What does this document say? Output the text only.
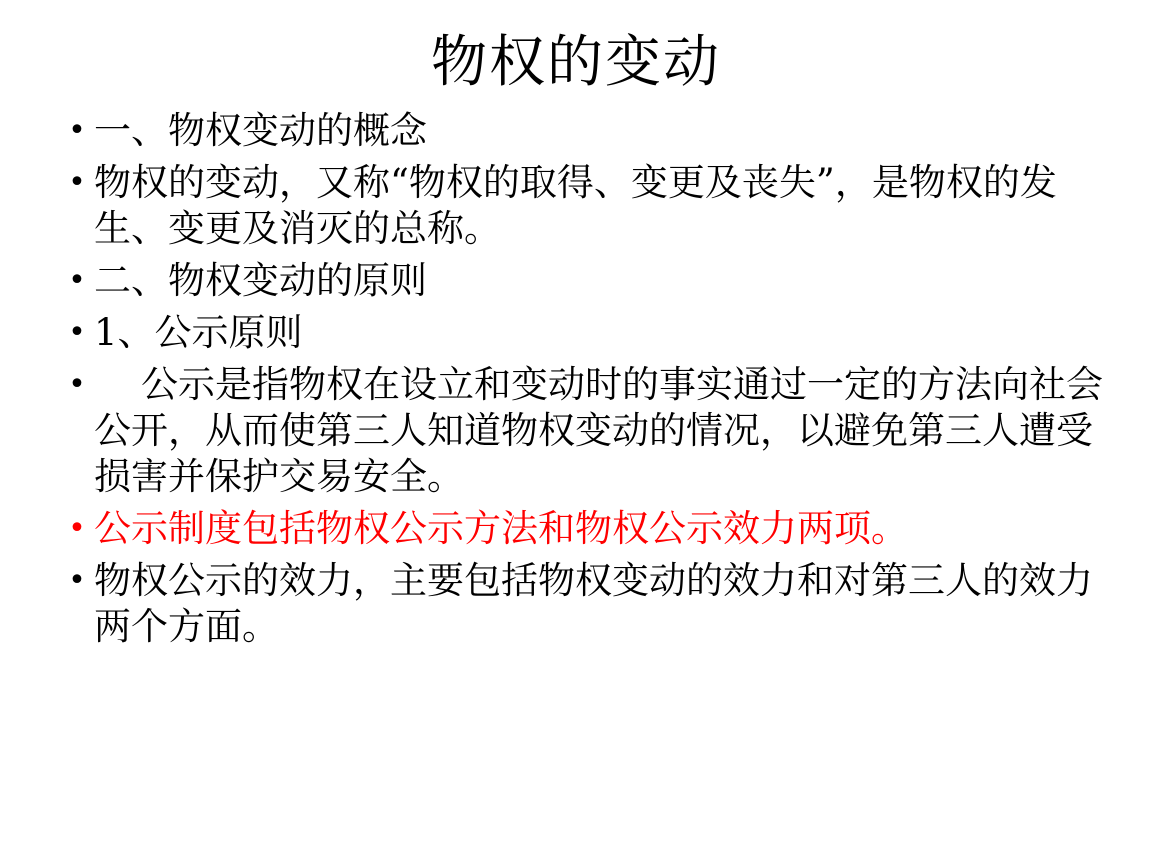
物权的变动
• 一、物权变动的概念
• 物权的变动，又称“物权的取得、变更及丧失”，是物权的发生、变更及消灭的总称。
• 二、物权变动的原则
• 1、公示原则
• 公示是指物权在设立和变动时的事实通过一定的方法向社会公开，从而使第三人知道物权变动的情况，以避免第三人遭受损害并保护交易安全。
• 公示制度包括物权公示方法和物权公示效力两项。
• 物权公示的效力，主要包括物权变动的效力和对第三人的效力两个方面。
